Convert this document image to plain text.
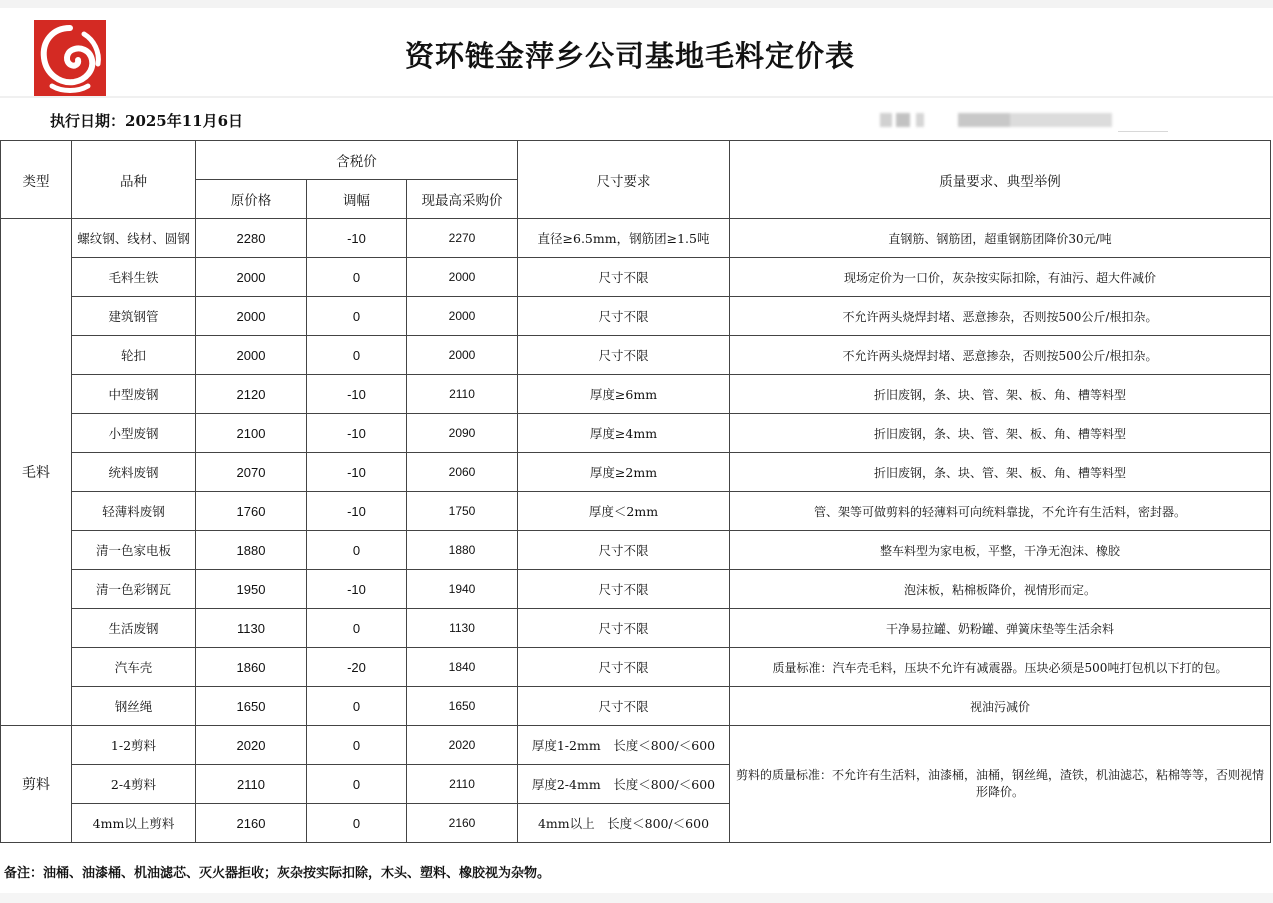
资环链金萍乡公司基地毛料定价表
执行日期：2025年11月6日
类型	品种	含税价			尺寸要求	质量要求、典型举例
		原价格	调幅	现最高采购价		
毛料	螺纹钢、线材、圆钢	2280	-10	2270	直径≥6.5mm，钢筋团≥1.5吨	直钢筋、钢筋团，超重钢筋团降价30元/吨
	毛料生铁	2000	0	2000	尺寸不限	现场定价为一口价，灰杂按实际扣除，有油污、超大件减价
	建筑钢管	2000	0	2000	尺寸不限	不允许两头烧焊封堵、恶意掺杂，否则按500公斤/根扣杂。
	轮扣	2000	0	2000	尺寸不限	不允许两头烧焊封堵、恶意掺杂，否则按500公斤/根扣杂。
	中型废钢	2120	-10	2110	厚度≥6mm	折旧废钢，条、块、管、架、板、角、槽等料型
	小型废钢	2100	-10	2090	厚度≥4mm	折旧废钢，条、块、管、架、板、角、槽等料型
	统料废钢	2070	-10	2060	厚度≥2mm	折旧废钢，条、块、管、架、板、角、槽等料型
	轻薄料废钢	1760	-10	1750	厚度＜2mm	管、架等可做剪料的轻薄料可向统料靠拢，不允许有生活料，密封器。
	清一色家电板	1880	0	1880	尺寸不限	整车料型为家电板，平整，干净无泡沫、橡胶
	清一色彩钢瓦	1950	-10	1940	尺寸不限	泡沫板，粘棉板降价，视情形而定。
	生活废钢	1130	0	1130	尺寸不限	干净易拉罐、奶粉罐、弹簧床垫等生活余料
	汽车壳	1860	-20	1840	尺寸不限	质量标准：汽车壳毛料，压块不允许有减震器。压块必须是500吨打包机以下打的包。
	钢丝绳	1650	0	1650	尺寸不限	视油污减价
剪料	1-2剪料	2020	0	2020	厚度1-2mm　长度＜800/＜600	剪料的质量标准：不允许有生活料，油漆桶，油桶，钢丝绳，渣铁，机油滤芯，粘棉等等，否则视情形降价。
	2-4剪料	2110	0	2110	厚度2-4mm　长度＜800/＜600	
	4mm以上剪料	2160	0	2160	4mm以上　长度＜800/＜600	
备注：油桶、油漆桶、机油滤芯、灭火器拒收；灰杂按实际扣除，木头、塑料、橡胶视为杂物。
